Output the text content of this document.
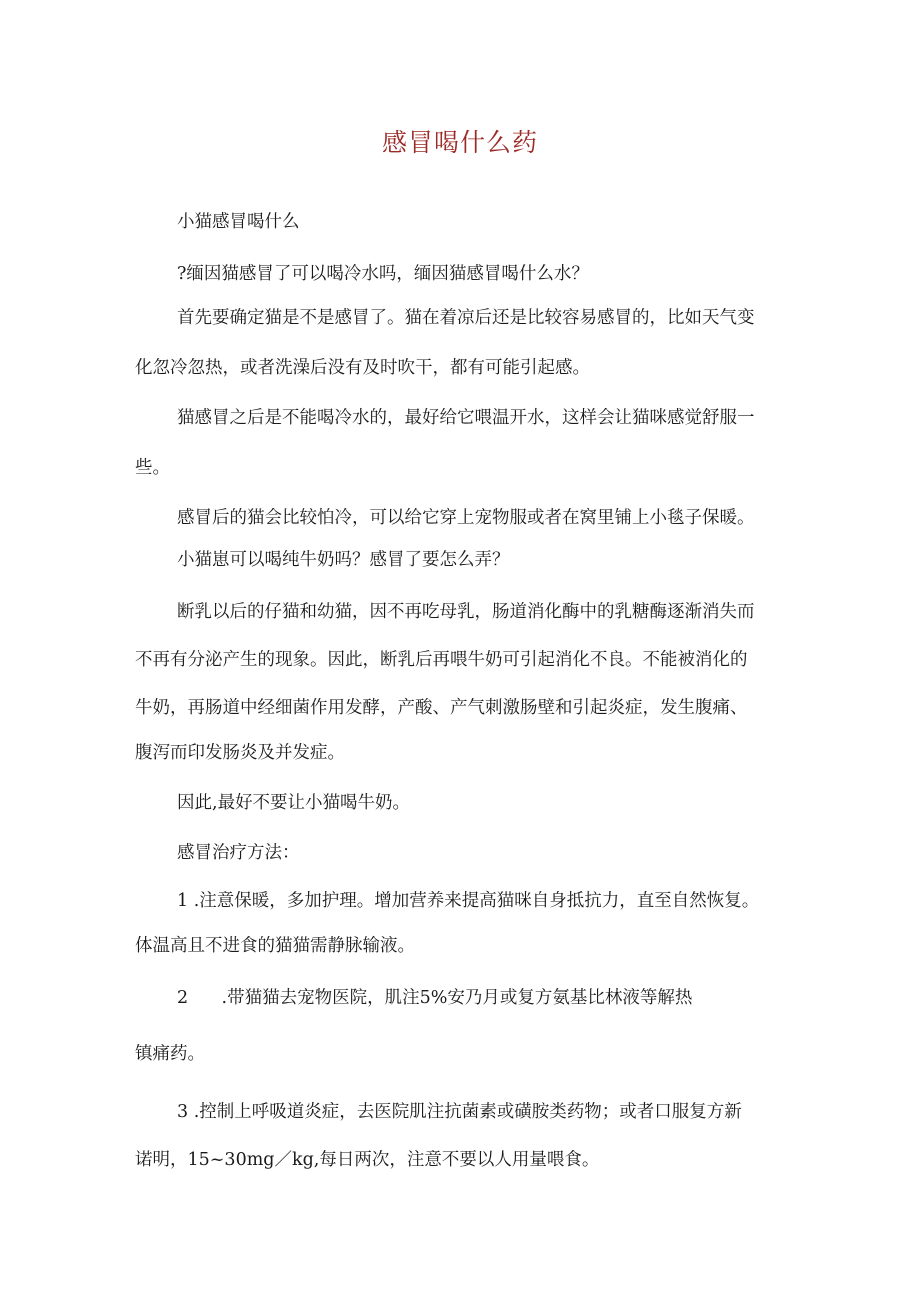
感冒喝什么药

小猫感冒喝什么

?缅因猫感冒了可以喝冷水吗，缅因猫感冒喝什么水？

首先要确定猫是不是感冒了。猫在着凉后还是比较容易感冒的，比如天气变

化忽冷忽热，或者洗澡后没有及时吹干，都有可能引起感。

猫感冒之后是不能喝冷水的，最好给它喂温开水，这样会让猫咪感觉舒服一

些。

感冒后的猫会比较怕冷，可以给它穿上宠物服或者在窝里铺上小毯子保暖。

小猫崽可以喝纯牛奶吗？感冒了要怎么弄？

断乳以后的仔猫和幼猫，因不再吃母乳，肠道消化酶中的乳糖酶逐渐消失而

不再有分泌产生的现象。因此，断乳后再喂牛奶可引起消化不良。不能被消化的

牛奶，再肠道中经细菌作用发酵，产酸、产气刺激肠壁和引起炎症，发生腹痛、

腹泻而印发肠炎及并发症。

因此,最好不要让小猫喝牛奶。

感冒治疗方法：

1 .注意保暖，多加护理。增加营养来提高猫咪自身抵抗力，直至自然恢复。

体温高且不进食的猫猫需静脉输液。

2      .带猫猫去宠物医院，肌注5%安乃月或复方氨基比林液等解热

镇痛药。

3 .控制上呼吸道炎症，去医院肌注抗菌素或磺胺类药物；或者口服复方新

诺明，15~30mg／kg,每日两次，注意不要以人用量喂食。
